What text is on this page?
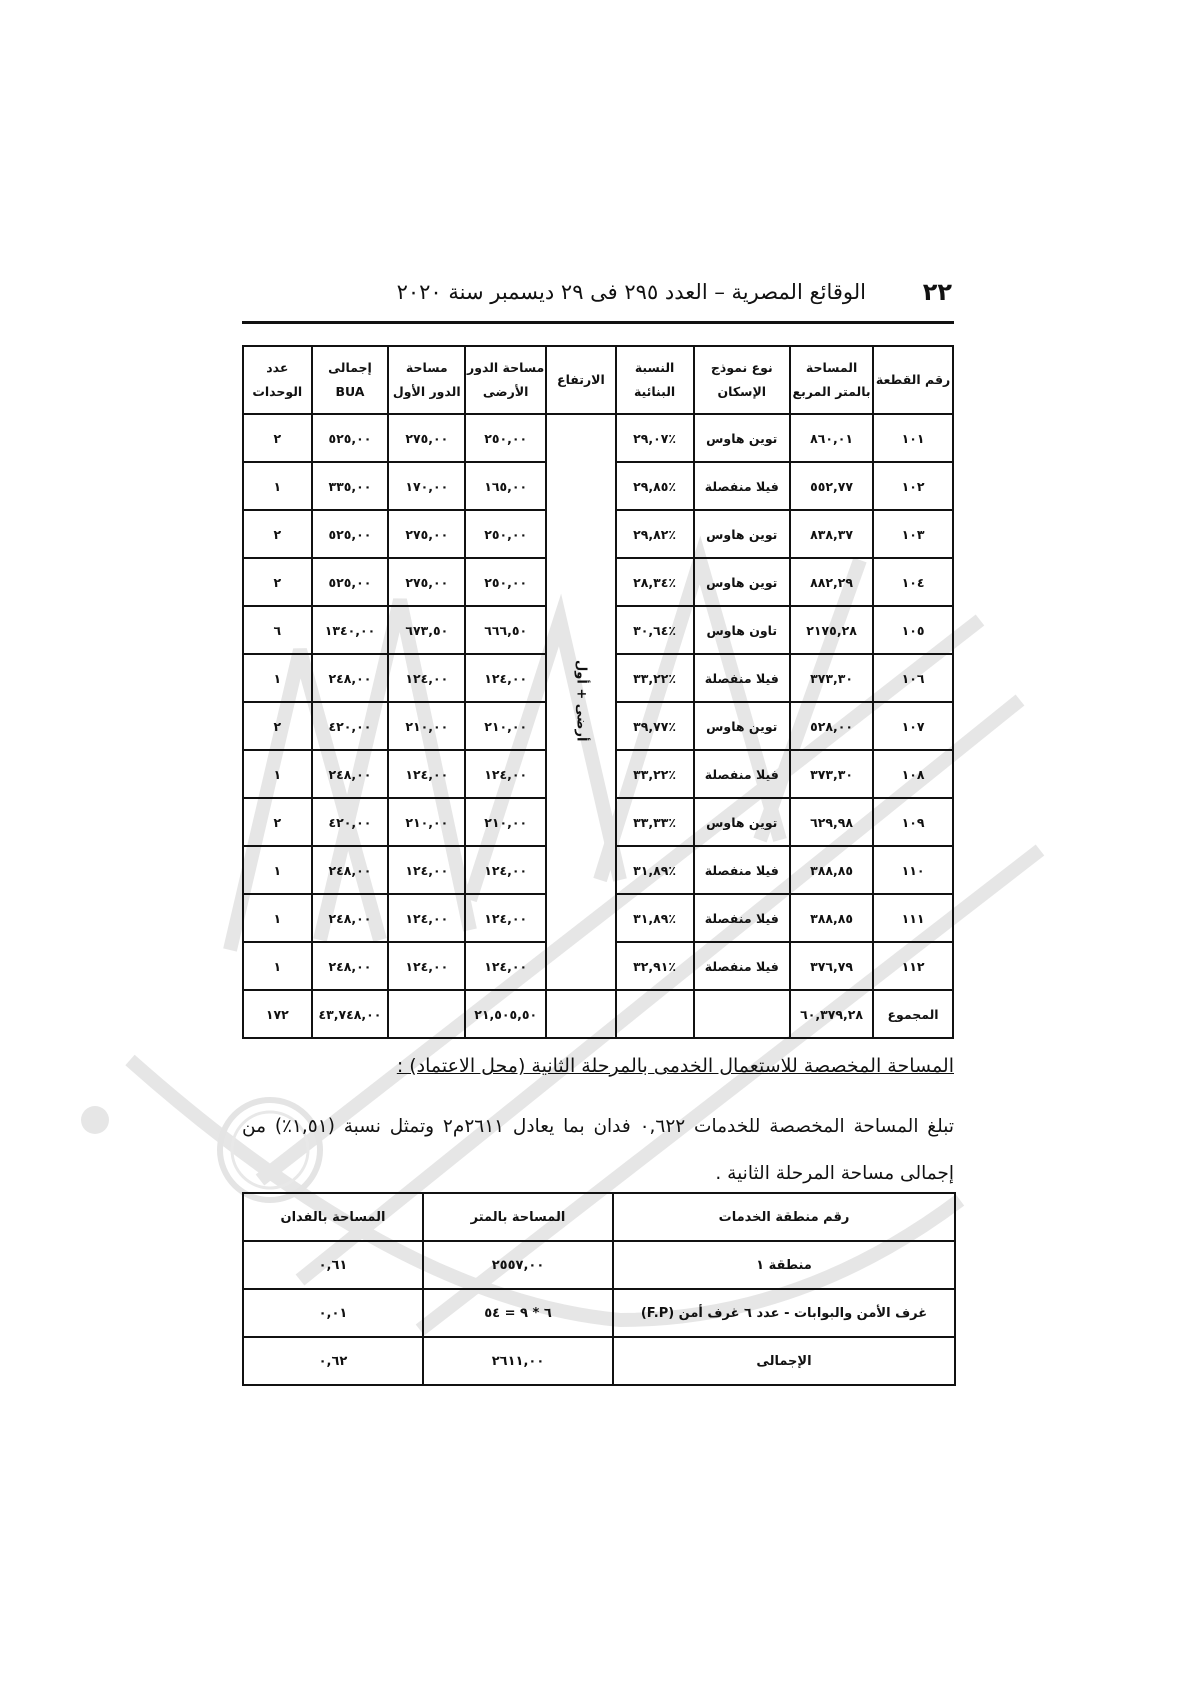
٢٢
الوقائع المصرية – العدد ٢٩٥ فى ٢٩ ديسمبر سنة ٢٠٢٠
رقم القطعة	المساحة بالمتر المربع	نوع نموذج الإسكان	النسبة البنائية	الارتفاع	مساحة الدور الأرضى	مساحة الدور الأول	إجمالى BUA	عدد الوحدات
١٠١	٨٦٠,٠١	توين هاوس	٢٩,٠٧٪	أرضى + أول	٢٥٠,٠٠	٢٧٥,٠٠	٥٢٥,٠٠	٢
١٠٢	٥٥٢,٧٧	فيلا منفصلة	٢٩,٨٥٪		١٦٥,٠٠	١٧٠,٠٠	٣٣٥,٠٠	١
١٠٣	٨٣٨,٣٧	توين هاوس	٢٩,٨٢٪		٢٥٠,٠٠	٢٧٥,٠٠	٥٢٥,٠٠	٢
١٠٤	٨٨٢,٢٩	توين هاوس	٢٨,٣٤٪		٢٥٠,٠٠	٢٧٥,٠٠	٥٢٥,٠٠	٢
١٠٥	٢١٧٥,٢٨	تاون هاوس	٣٠,٦٤٪		٦٦٦,٥٠	٦٧٣,٥٠	١٣٤٠,٠٠	٦
١٠٦	٣٧٣,٣٠	فيلا منفصلة	٣٣,٢٢٪		١٢٤,٠٠	١٢٤,٠٠	٢٤٨,٠٠	١
١٠٧	٥٢٨,٠٠	توين هاوس	٣٩,٧٧٪		٢١٠,٠٠	٢١٠,٠٠	٤٢٠,٠٠	٢
١٠٨	٣٧٣,٣٠	فيلا منفصلة	٣٣,٢٢٪		١٢٤,٠٠	١٢٤,٠٠	٢٤٨,٠٠	١
١٠٩	٦٢٩,٩٨	توين هاوس	٣٣,٣٣٪		٢١٠,٠٠	٢١٠,٠٠	٤٢٠,٠٠	٢
١١٠	٣٨٨,٨٥	فيلا منفصلة	٣١,٨٩٪		١٢٤,٠٠	١٢٤,٠٠	٢٤٨,٠٠	١
١١١	٣٨٨,٨٥	فيلا منفصلة	٣١,٨٩٪		١٢٤,٠٠	١٢٤,٠٠	٢٤٨,٠٠	١
١١٢	٣٧٦,٧٩	فيلا منفصلة	٣٢,٩١٪		١٢٤,٠٠	١٢٤,٠٠	٢٤٨,٠٠	١
المجموع	٦٠,٣٧٩,٢٨				٢١,٥٠٥,٥٠		٤٣,٧٤٨,٠٠	١٧٢
المساحة المخصصة للاستعمال الخدمى بالمرحلة الثانية (محل الاعتماد) :
تبلغ المساحة المخصصة للخدمات ٠,٦٢٢ فدان بما يعادل ٢٦١١م٢ وتمثل نسبة (١,٥١٪) من إجمالى مساحة المرحلة الثانية .
رقم منطقة الخدمات	المساحة بالمتر	المساحة بالفدان
منطقة ١	٢٥٥٧,٠٠	٠,٦١
غرف الأمن والبوابات - عدد ٦ غرف أمن (F.P)	٦ * ٩ = ٥٤	٠,٠١
الإجمالى	٢٦١١,٠٠	٠,٦٢
